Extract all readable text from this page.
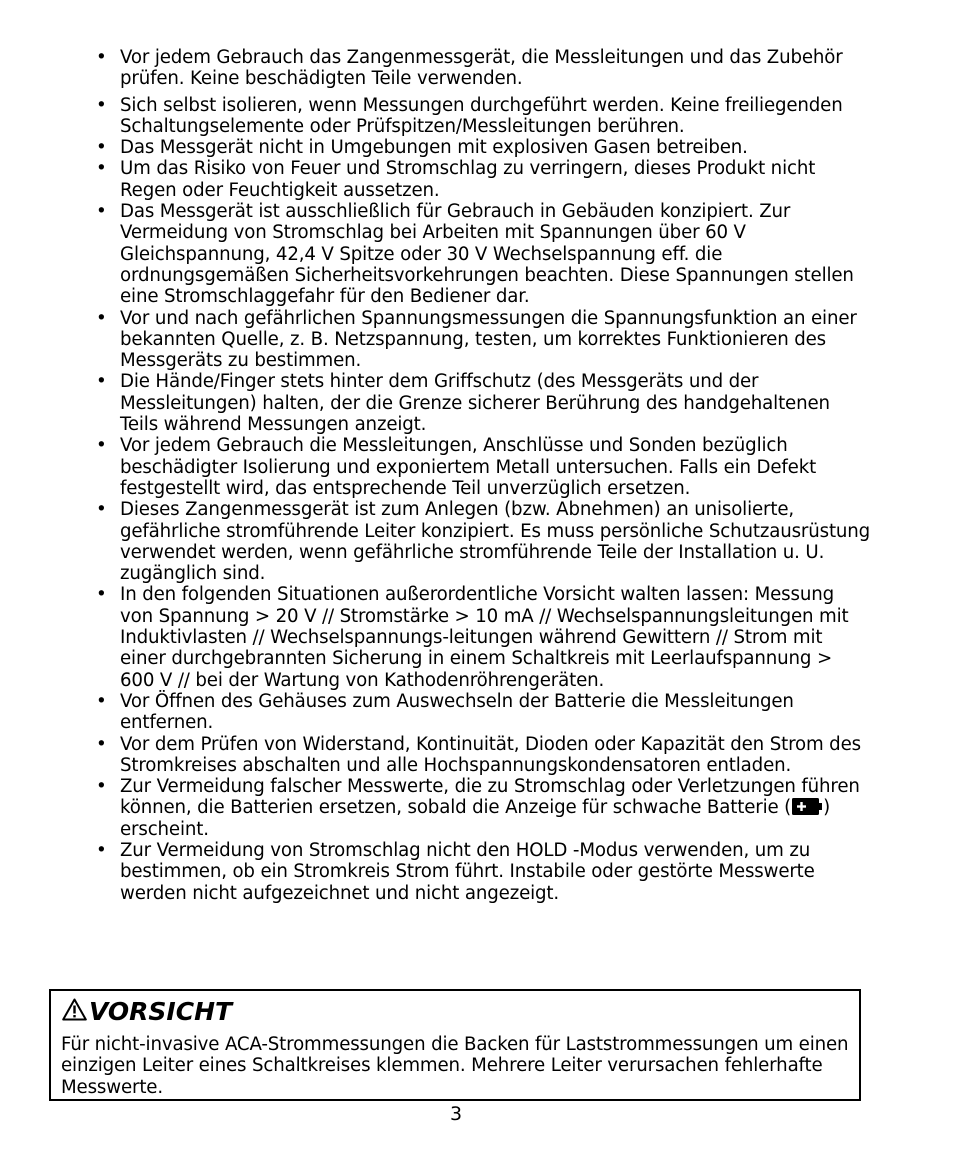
• Vor jedem Gebrauch das Zangenmessgerät, die Messleitungen und das Zubehör prüfen. Keine beschädigten Teile verwenden.
• Sich selbst isolieren, wenn Messungen durchgeführt werden. Keine freiliegenden Schaltungselemente oder Prüfspitzen/Messleitungen berühren.
• Das Messgerät nicht in Umgebungen mit explosiven Gasen betreiben.
• Um das Risiko von Feuer und Stromschlag zu verringern, dieses Produkt nicht Regen oder Feuchtigkeit aussetzen.
• Das Messgerät ist ausschließlich für Gebrauch in Gebäuden konzipiert. Zur Vermeidung von Stromschlag bei Arbeiten mit Spannungen über 60 V Gleichspannung, 42,4 V Spitze oder 30 V Wechselspannung eff. die ordnungsgemäßen Sicherheitsvorkehrungen beachten. Diese Spannungen stellen eine Stromschlaggefahr für den Bediener dar.
• Vor und nach gefährlichen Spannungsmessungen die Spannungsfunktion an einer bekannten Quelle, z. B. Netzspannung, testen, um korrektes Funktionieren des Messgeräts zu bestimmen.
• Die Hände/Finger stets hinter dem Griffschutz (des Messgeräts und der Messleitungen) halten, der die Grenze sicherer Berührung des handgehaltenen Teils während Messungen anzeigt.
• Vor jedem Gebrauch die Messleitungen, Anschlüsse und Sonden bezüglich beschädigter Isolierung und exponiertem Metall untersuchen. Falls ein Defekt festgestellt wird, das entsprechende Teil unverzüglich ersetzen.
• Dieses Zangenmessgerät ist zum Anlegen (bzw. Abnehmen) an unisolierte, gefährliche stromführende Leiter konzipiert. Es muss persönliche Schutzausrüstung verwendet werden, wenn gefährliche stromführende Teile der Installation u. U. zugänglich sind.
• In den folgenden Situationen außerordentliche Vorsicht walten lassen: Messung von Spannung > 20 V // Stromstärke > 10 mA // Wechselspannungsleitungen mit Induktivlasten // Wechselspannungs-leitungen während Gewittern // Strom mit einer durchgebrannten Sicherung in einem Schaltkreis mit Leerlaufspannung > 600 V // bei der Wartung von Kathodenröhrengeräten.
• Vor Öffnen des Gehäuses zum Auswechseln der Batterie die Messleitungen entfernen.
• Vor dem Prüfen von Widerstand, Kontinuität, Dioden oder Kapazität den Strom des Stromkreises abschalten und alle Hochspannungskondensatoren entladen.
• Zur Vermeidung falscher Messwerte, die zu Stromschlag oder Verletzungen führen können, die Batterien ersetzen, sobald die Anzeige für schwache Batterie ( ) erscheint.
• Zur Vermeidung von Stromschlag nicht den HOLD -Modus verwenden, um zu bestimmen, ob ein Stromkreis Strom führt. Instabile oder gestörte Messwerte werden nicht aufgezeichnet und nicht angezeigt.
VORSICHT
Für nicht-invasive ACA-Strommessungen die Backen für Laststrommessungen um einen einzigen Leiter eines Schaltkreises klemmen. Mehrere Leiter verursachen fehlerhafte Messwerte.
3
